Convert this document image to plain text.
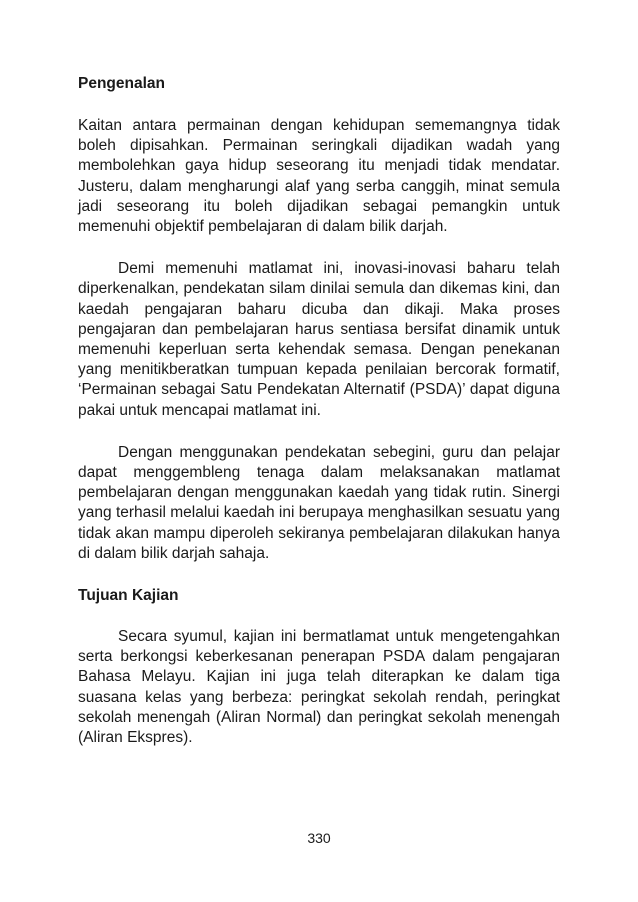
Pengenalan

Kaitan antara permainan dengan kehidupan sememangnya tidak boleh dipisahkan. Permainan seringkali dijadikan wadah yang membolehkan gaya hidup seseorang itu menjadi tidak mendatar. Justeru, dalam mengharungi alaf yang serba canggih, minat semula jadi seseorang itu boleh dijadikan sebagai pemangkin untuk memenuhi objektif pembelajaran di dalam bilik darjah.

Demi memenuhi matlamat ini, inovasi-inovasi baharu telah diperkenalkan, pendekatan silam dinilai semula dan dikemas kini, dan kaedah pengajaran baharu dicuba dan dikaji. Maka proses pengajaran dan pembelajaran harus sentiasa bersifat dinamik untuk memenuhi keperluan serta kehendak semasa. Dengan penekanan yang menitikberatkan tumpuan kepada penilaian bercorak formatif, ‘Permainan sebagai Satu Pendekatan Alternatif (PSDA)’ dapat diguna pakai untuk mencapai matlamat ini.

Dengan menggunakan pendekatan sebegini, guru dan pelajar dapat menggembleng tenaga dalam melaksanakan matlamat pembelajaran dengan menggunakan kaedah yang tidak rutin. Sinergi yang terhasil melalui kaedah ini berupaya menghasilkan sesuatu yang tidak akan mampu diperoleh sekiranya pembelajaran dilakukan hanya di dalam bilik darjah sahaja.

Tujuan Kajian

Secara syumul, kajian ini bermatlamat untuk mengetengahkan serta berkongsi keberkesanan penerapan PSDA dalam pengajaran Bahasa Melayu. Kajian ini juga telah diterapkan ke dalam tiga suasana kelas yang berbeza: peringkat sekolah rendah, peringkat sekolah menengah (Aliran Normal) dan peringkat sekolah menengah (Aliran Ekspres).

330
